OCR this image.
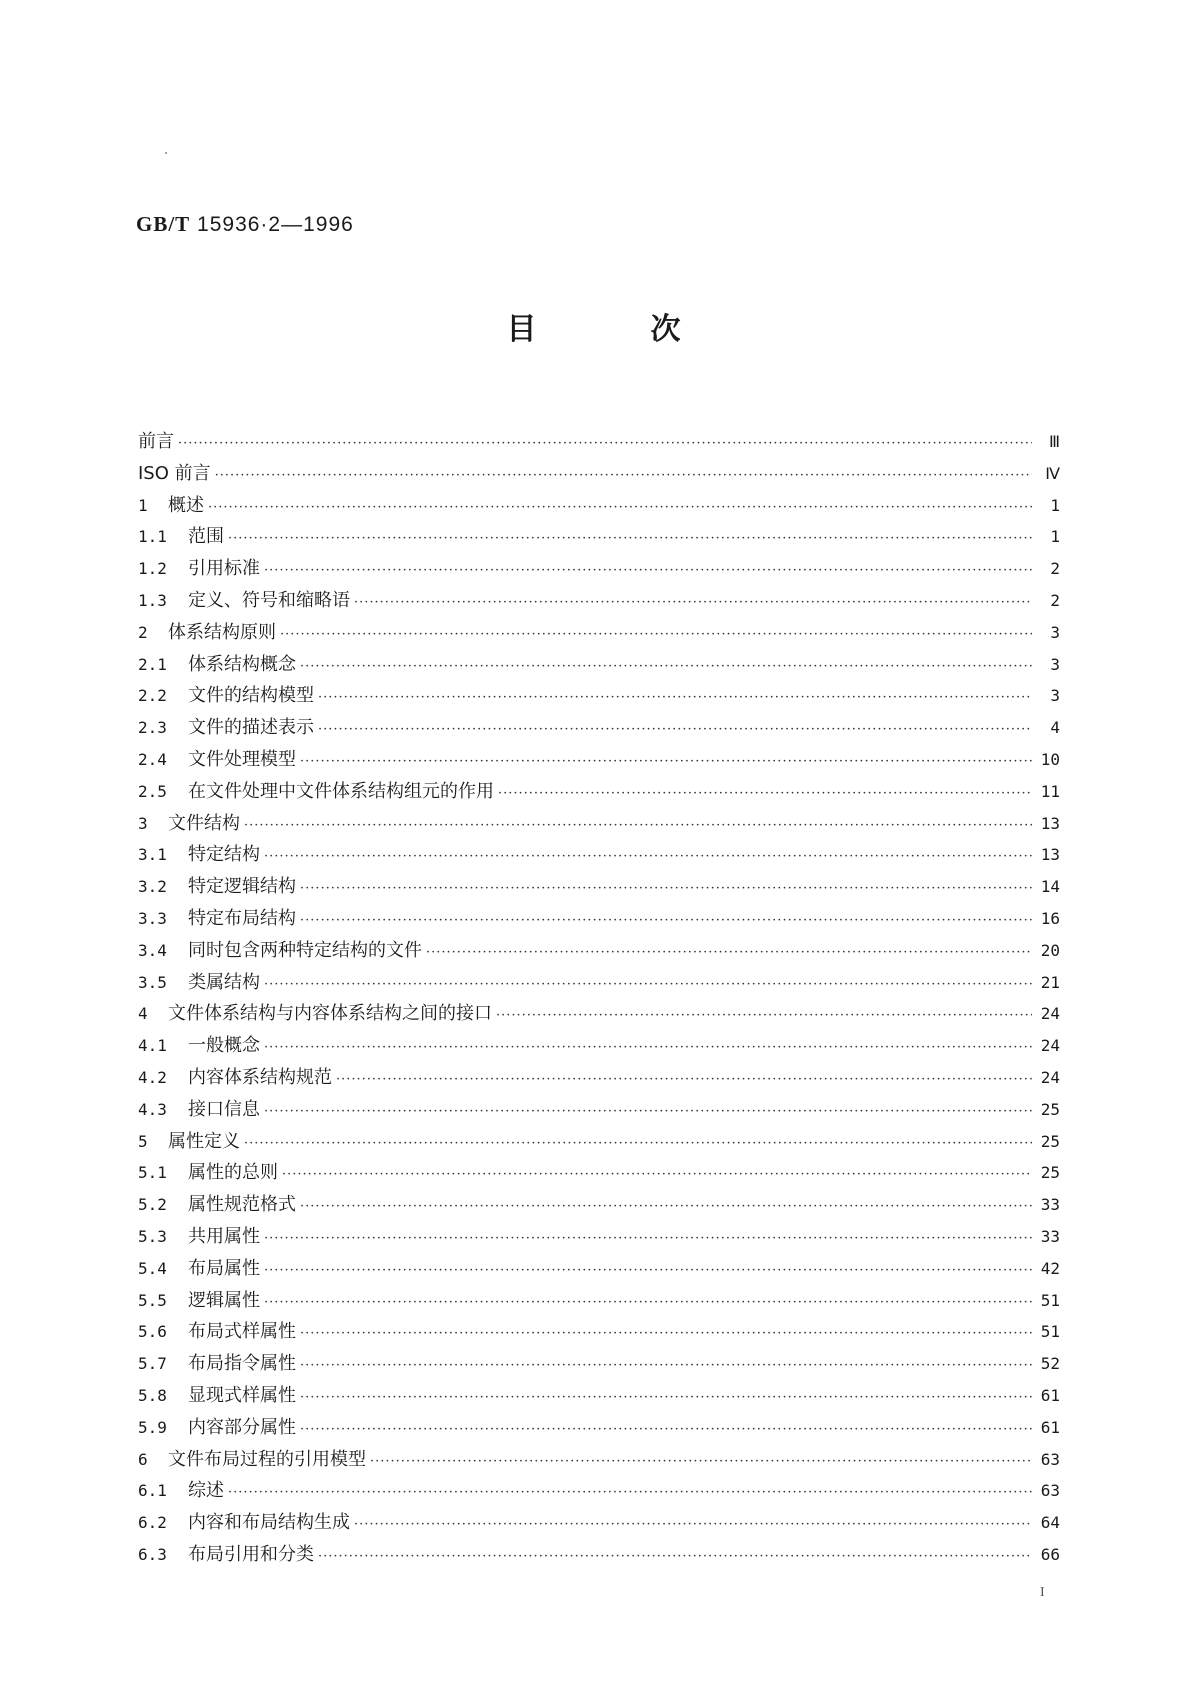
GB/T 15936·2—1996
目	次
前言 ·····	Ⅲ
ISO 前言 ·····	Ⅳ
1	概述 ·····	1
1.1	范围 ·····	1
1.2	引用标准 ·····	2
1.3	定义、符号和缩略语 ·····	2
2	体系结构原则 ·····	3
2.1	体系结构概念 ·····	3
2.2	文件的结构模型 ·····	3
2.3	文件的描述表示 ·····	4
2.4	文件处理模型 ·····	10
2.5	在文件处理中文件体系结构组元的作用 ·····	11
3	文件结构 ·····	13
3.1	特定结构 ·····	13
3.2	特定逻辑结构 ·····	14
3.3	特定布局结构 ·····	16
3.4	同时包含两种特定结构的文件 ·····	20
3.5	类属结构 ·····	21
4	文件体系结构与内容体系结构之间的接口 ·····	24
4.1	一般概念 ·····	24
4.2	内容体系结构规范 ·····	24
4.3	接口信息 ·····	25
5	属性定义 ·····	25
5.1	属性的总则 ·····	25
5.2	属性规范格式 ·····	33
5.3	共用属性 ·····	33
5.4	布局属性 ·····	42
5.5	逻辑属性 ·····	51
5.6	布局式样属性 ·····	51
5.7	布局指令属性 ·····	52
5.8	显现式样属性 ·····	61
5.9	内容部分属性 ·····	61
6	文件布局过程的引用模型 ·····	63
6.1	综述 ·····	63
6.2	内容和布局结构生成 ·····	64
6.3	布局引用和分类 ·····	66
I
